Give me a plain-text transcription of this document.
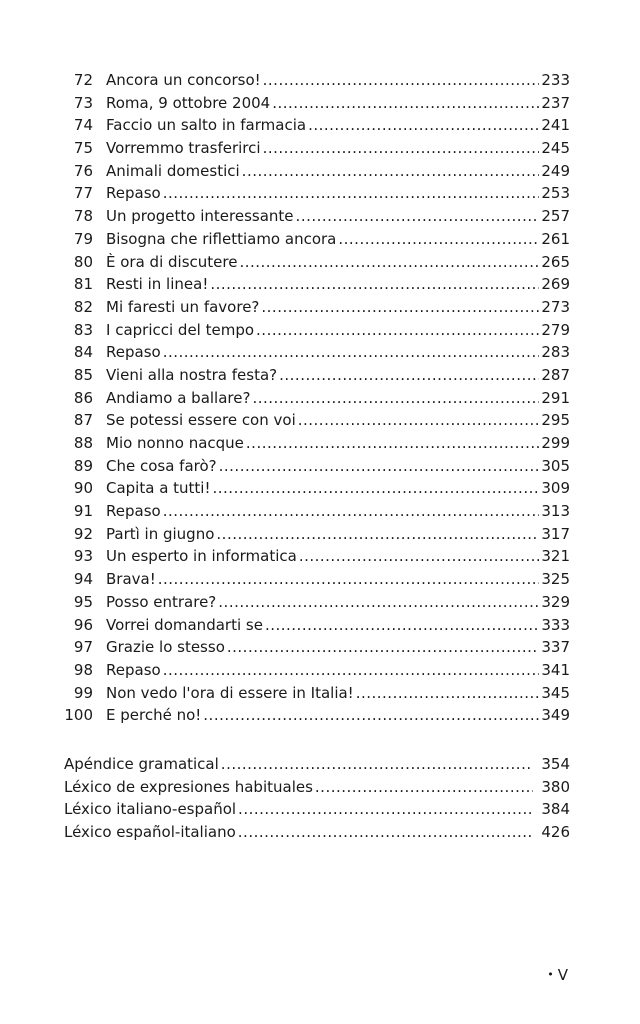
72 Ancora un concorso! .....	233
73 Roma, 9 ottobre 2004 .....	237
74 Faccio un salto in farmacia .....	241
75 Vorremmo trasferirci .....	245
76 Animali domestici .....	249
77 Repaso .....	253
78 Un progetto interessante .....	257
79 Bisogna che riflettiamo ancora .....	261
80 È ora di discutere .....	265
81 Resti in linea! .....	269
82 Mi faresti un favore? .....	273
83 I capricci del tempo .....	279
84 Repaso .....	283
85 Vieni alla nostra festa? .....	287
86 Andiamo a ballare? .....	291
87 Se potessi essere con voi .....	295
88 Mio nonno nacque .....	299
89 Che cosa farò? .....	305
90 Capita a tutti! .....	309
91 Repaso .....	313
92 Partì in giugno .....	317
93 Un esperto in informatica .....	321
94 Brava! .....	325
95 Posso entrare? .....	329
96 Vorrei domandarti se .....	333
97 Grazie lo stesso .....	337
98 Repaso .....	341
99 Non vedo l'ora di essere in Italia! .....	345
100 E perché no! .....	349
Apéndice gramatical .....	354
Léxico de expresiones habituales .....	380
Léxico italiano-español .....	384
Léxico español-italiano .....	426
• V
